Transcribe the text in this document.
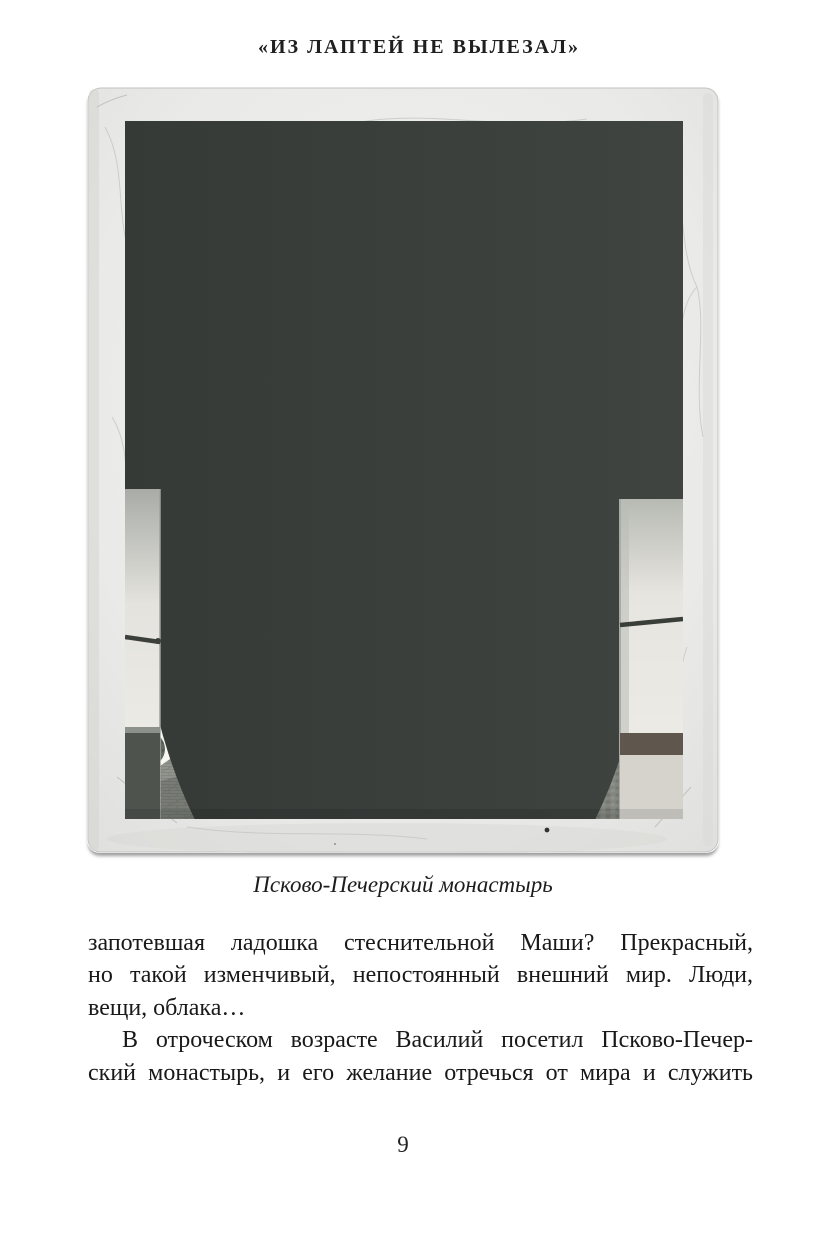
«ИЗ ЛАПТЕЙ НЕ ВЫЛЕЗАЛ»
Псково-Печерский монастырь
запотевшая ладошка стеснительной Маши? Прекрасный,
но такой изменчивый, непостоянный внешний мир. Люди,
вещи, облака…
В отроческом возрасте Василий посетил Псково-Печер-
ский монастырь, и его желание отречься от мира и служить
9
